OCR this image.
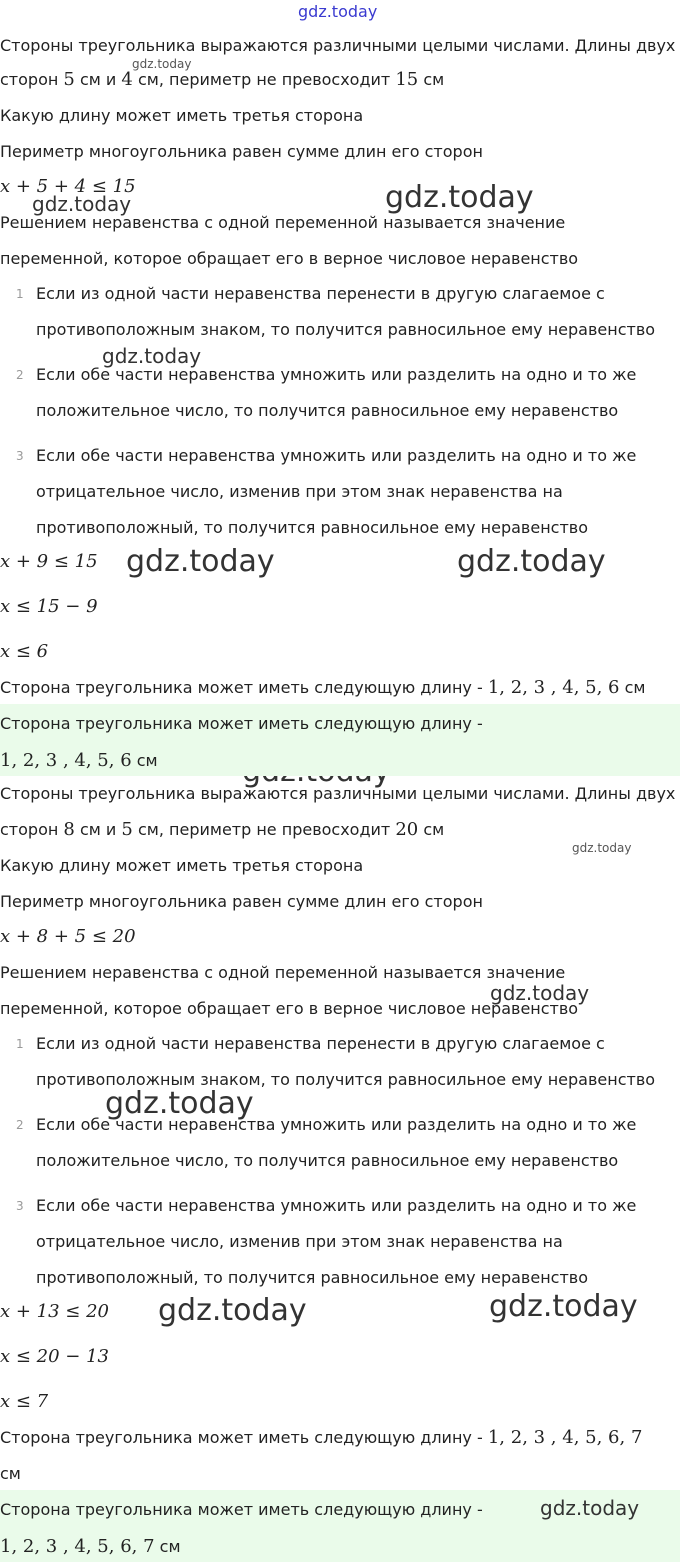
gdz.today
gdz.today
gdz.today	gdz.today
gdz.today
gdz.today	gdz.today
gdz.today
gdz.today
gdz.today
gdz.today	gdz.today
Стороны треугольника выражаются различными целыми числами. Длины двух
сторон 5 см и 4 см, периметр не превосходит 15 см
Какую длину может иметь третья сторона
Периметр многоугольника равен сумме длин его сторон
x + 5 + 4 ≤ 15
Решением неравенства с одной переменной называется значение
переменной, которое обращает его в верное числовое неравенство
1 Если из одной части неравенства перенести в другую слагаемое с
противоположным знаком, то получится равносильное ему неравенство
2 Если обе части неравенства умножить или разделить на одно и то же
положительное число, то получится равносильное ему неравенство
3 Если обе части неравенства умножить или разделить на одно и то же
отрицательное число, изменив при этом знак неравенства на
противоположный, то получится равносильное ему неравенство
x + 9 ≤ 15
x ≤ 15 − 9
x ≤ 6
Сторона треугольника может иметь следующую длину - 1, 2, 3 , 4, 5, 6 см
Сторона треугольника может иметь следующую длину -
1, 2, 3 , 4, 5, 6 см
Стороны треугольника выражаются различными целыми числами. Длины двух
сторон 8 см и 5 см, периметр не превосходит 20 см
Какую длину может иметь третья сторона
Периметр многоугольника равен сумме длин его сторон
x + 8 + 5 ≤ 20
Решением неравенства с одной переменной называется значение
переменной, которое обращает его в верное числовое неравенство
1 Если из одной части неравенства перенести в другую слагаемое с
противоположным знаком, то получится равносильное ему неравенство
2 Если обе части неравенства умножить или разделить на одно и то же
положительное число, то получится равносильное ему неравенство
3 Если обе части неравенства умножить или разделить на одно и то же
отрицательное число, изменив при этом знак неравенства на
противоположный, то получится равносильное ему неравенство
x + 13 ≤ 20
x ≤ 20 − 13
x ≤ 7
Сторона треугольника может иметь следующую длину - 1, 2, 3 , 4, 5, 6, 7
см
Сторона треугольника может иметь следующую длину -
1, 2, 3 , 4, 5, 6, 7 см
gdz.today
